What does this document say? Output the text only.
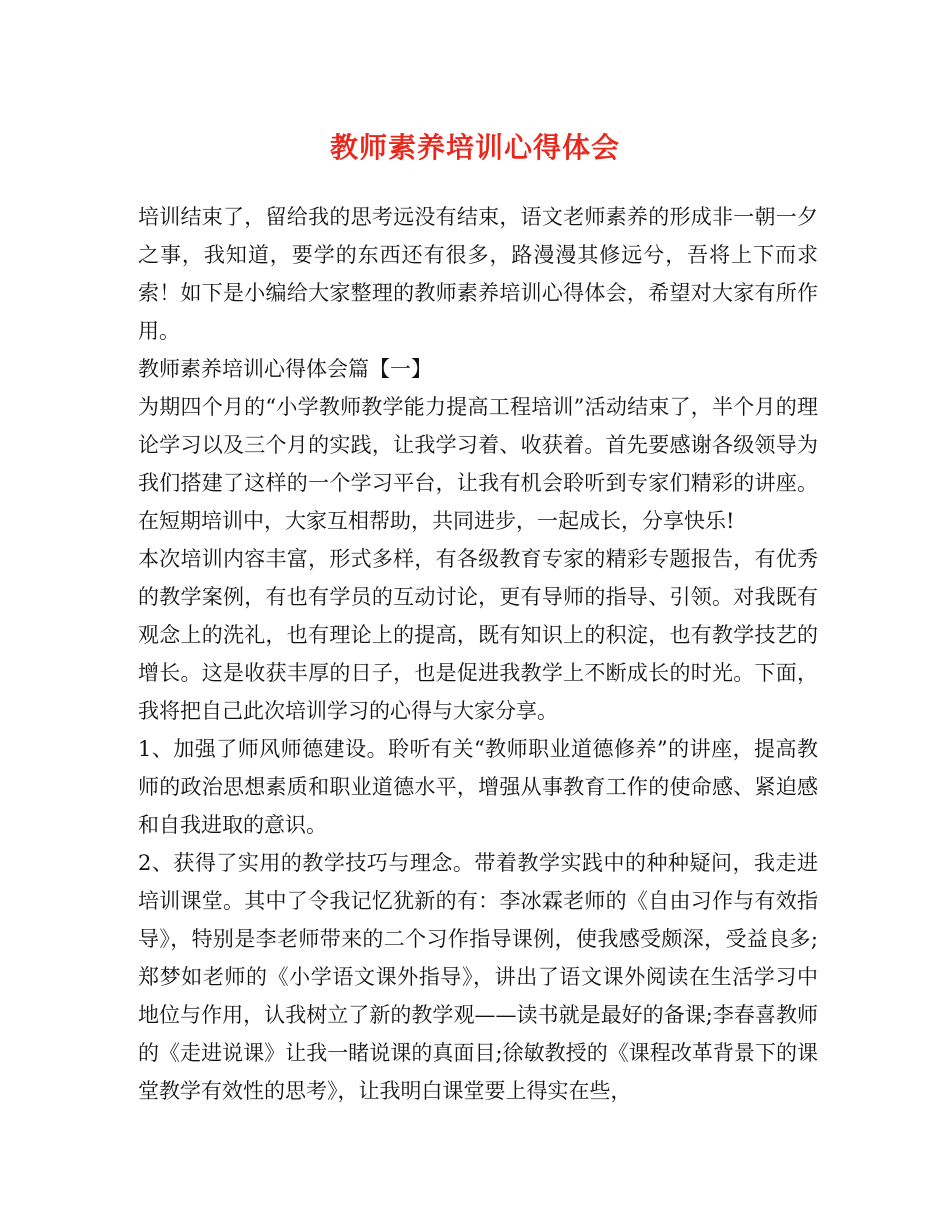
教师素养培训心得体会

培训结束了，留给我的思考远没有结束，语文老师素养的形成非一朝一夕之事，我知道，要学的东西还有很多，路漫漫其修远兮，吾将上下而求索！如下是小编给大家整理的教师素养培训心得体会，希望对大家有所作用。

教师素养培训心得体会篇【一】

为期四个月的“小学教师教学能力提高工程培训”活动结束了，半个月的理论学习以及三个月的实践，让我学习着、收获着。首先要感谢各级领导为我们搭建了这样的一个学习平台，让我有机会聆听到专家们精彩的讲座。在短期培训中，大家互相帮助，共同进步，一起成长，分享快乐!

本次培训内容丰富，形式多样，有各级教育专家的精彩专题报告，有优秀的教学案例，有也有学员的互动讨论，更有导师的指导、引领。对我既有观念上的洗礼，也有理论上的提高，既有知识上的积淀，也有教学技艺的增长。这是收获丰厚的日子，也是促进我教学上不断成长的时光。下面，我将把自己此次培训学习的心得与大家分享。

1、加强了师风师德建设。聆听有关“教师职业道德修养”的讲座，提高教师的政治思想素质和职业道德水平，增强从事教育工作的使命感、紧迫感和自我进取的意识。

2、获得了实用的教学技巧与理念。带着教学实践中的种种疑问，我走进培训课堂。其中了令我记忆犹新的有：李冰霖老师的《自由习作与有效指导》，特别是李老师带来的二个习作指导课例，使我感受颇深，受益良多;郑梦如老师的《小学语文课外指导》，讲出了语文课外阅读在生活学习中地位与作用，认我树立了新的教学观——读书就是最好的备课;李春喜教师的《走进说课》让我一睹说课的真面目;徐敏教授的《课程改革背景下的课堂教学有效性的思考》，让我明白课堂要上得实在些，
